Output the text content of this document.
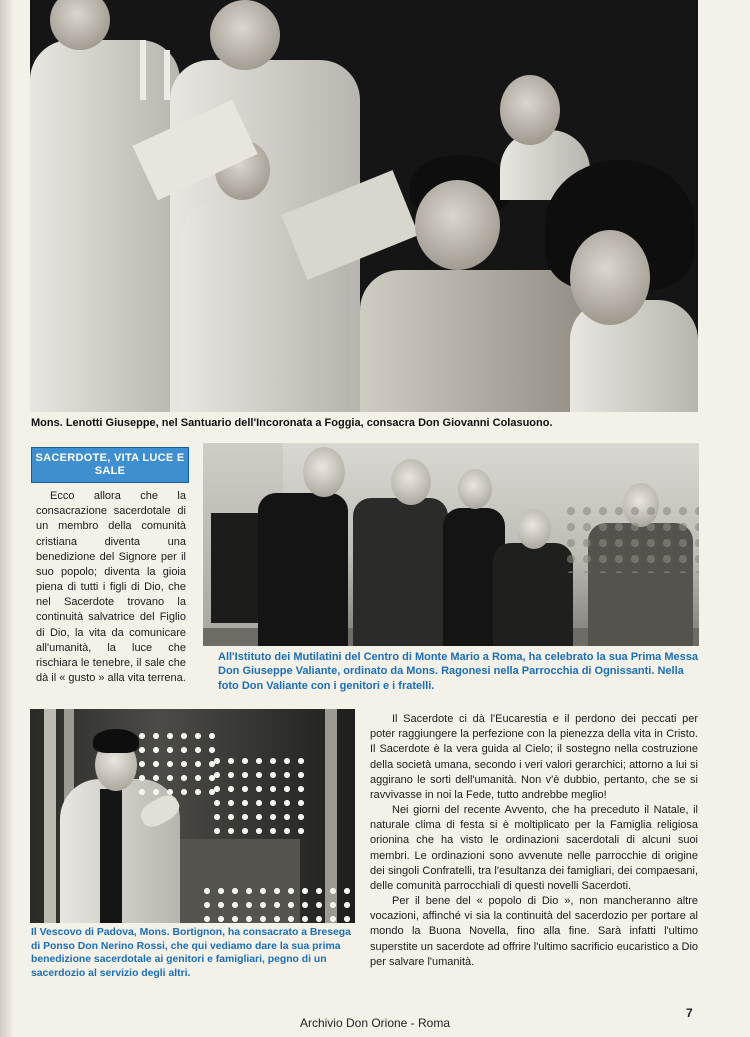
Mons. Lenotti Giuseppe, nel Santuario dell'Incoronata a Foggia, consacra Don Giovanni Colasuono.

SACERDOTE, VITA LUCE E SALE

Ecco allora che la consacrazione sacerdotale di un membro della comunità cristiana diventa una benedizione del Signore per il suo popolo; diventa la gioia piena di tutti i figli di Dio, che nel Sacerdote trovano la continuità salvatrice del Figlio di Dio, la vita da comunicare all'umanità, la luce che rischiara le tenebre, il sale che dà il « gusto » alla vita terrena.

All'Istituto dei Mutilatini del Centro di Monte Mario a Roma, ha celebrato la sua Prima Messa Don Giuseppe Valiante, ordinato da Mons. Ragonesi nella Parrocchia di Ognissanti. Nella foto Don Valiante con i genitori e i fratelli.

Il Vescovo di Padova, Mons. Bortignon, ha consacrato a Bresega di Ponso Don Nerino Rossi, che qui vediamo dare la sua prima benedizione sacerdotale ai genitori e famigliari, pegno di un sacerdozio al servizio degli altri.

Il Sacerdote ci dà l'Eucarestia e il perdono dei peccati per poter raggiungere la perfezione con la pienezza della vita in Cristo. Il Sacerdote è la vera guida al Cielo; il sostegno nella costruzione della società umana, secondo i veri valori gerarchici; attorno a lui si aggirano le sorti dell'umanità. Non v'è dubbio, pertanto, che se si ravvivasse in noi la Fede, tutto andrebbe meglio!

Nei giorni del recente Avvento, che ha preceduto il Natale, il naturale clima di festa si è moltiplicato per la Famiglia religiosa orionina che ha visto le ordinazioni sacerdotali di alcuni suoi membri. Le ordinazioni sono avvenute nelle parrocchie di origine dei singoli Confratelli, tra l'esultanza dei famigliari, dei compaesani, delle comunità parrocchiali di questi novelli Sacerdoti.

Per il bene del « popolo di Dio », non mancheranno altre vocazioni, affinché vi sia la continuità del sacerdozio per portare al mondo la Buona Novella, fino alla fine. Sarà infatti l'ultimo superstite un sacerdote ad offrire l'ultimo sacrificio eucaristico a Dio per salvare l'umanità.

7
Archivio Don Orione - Roma
